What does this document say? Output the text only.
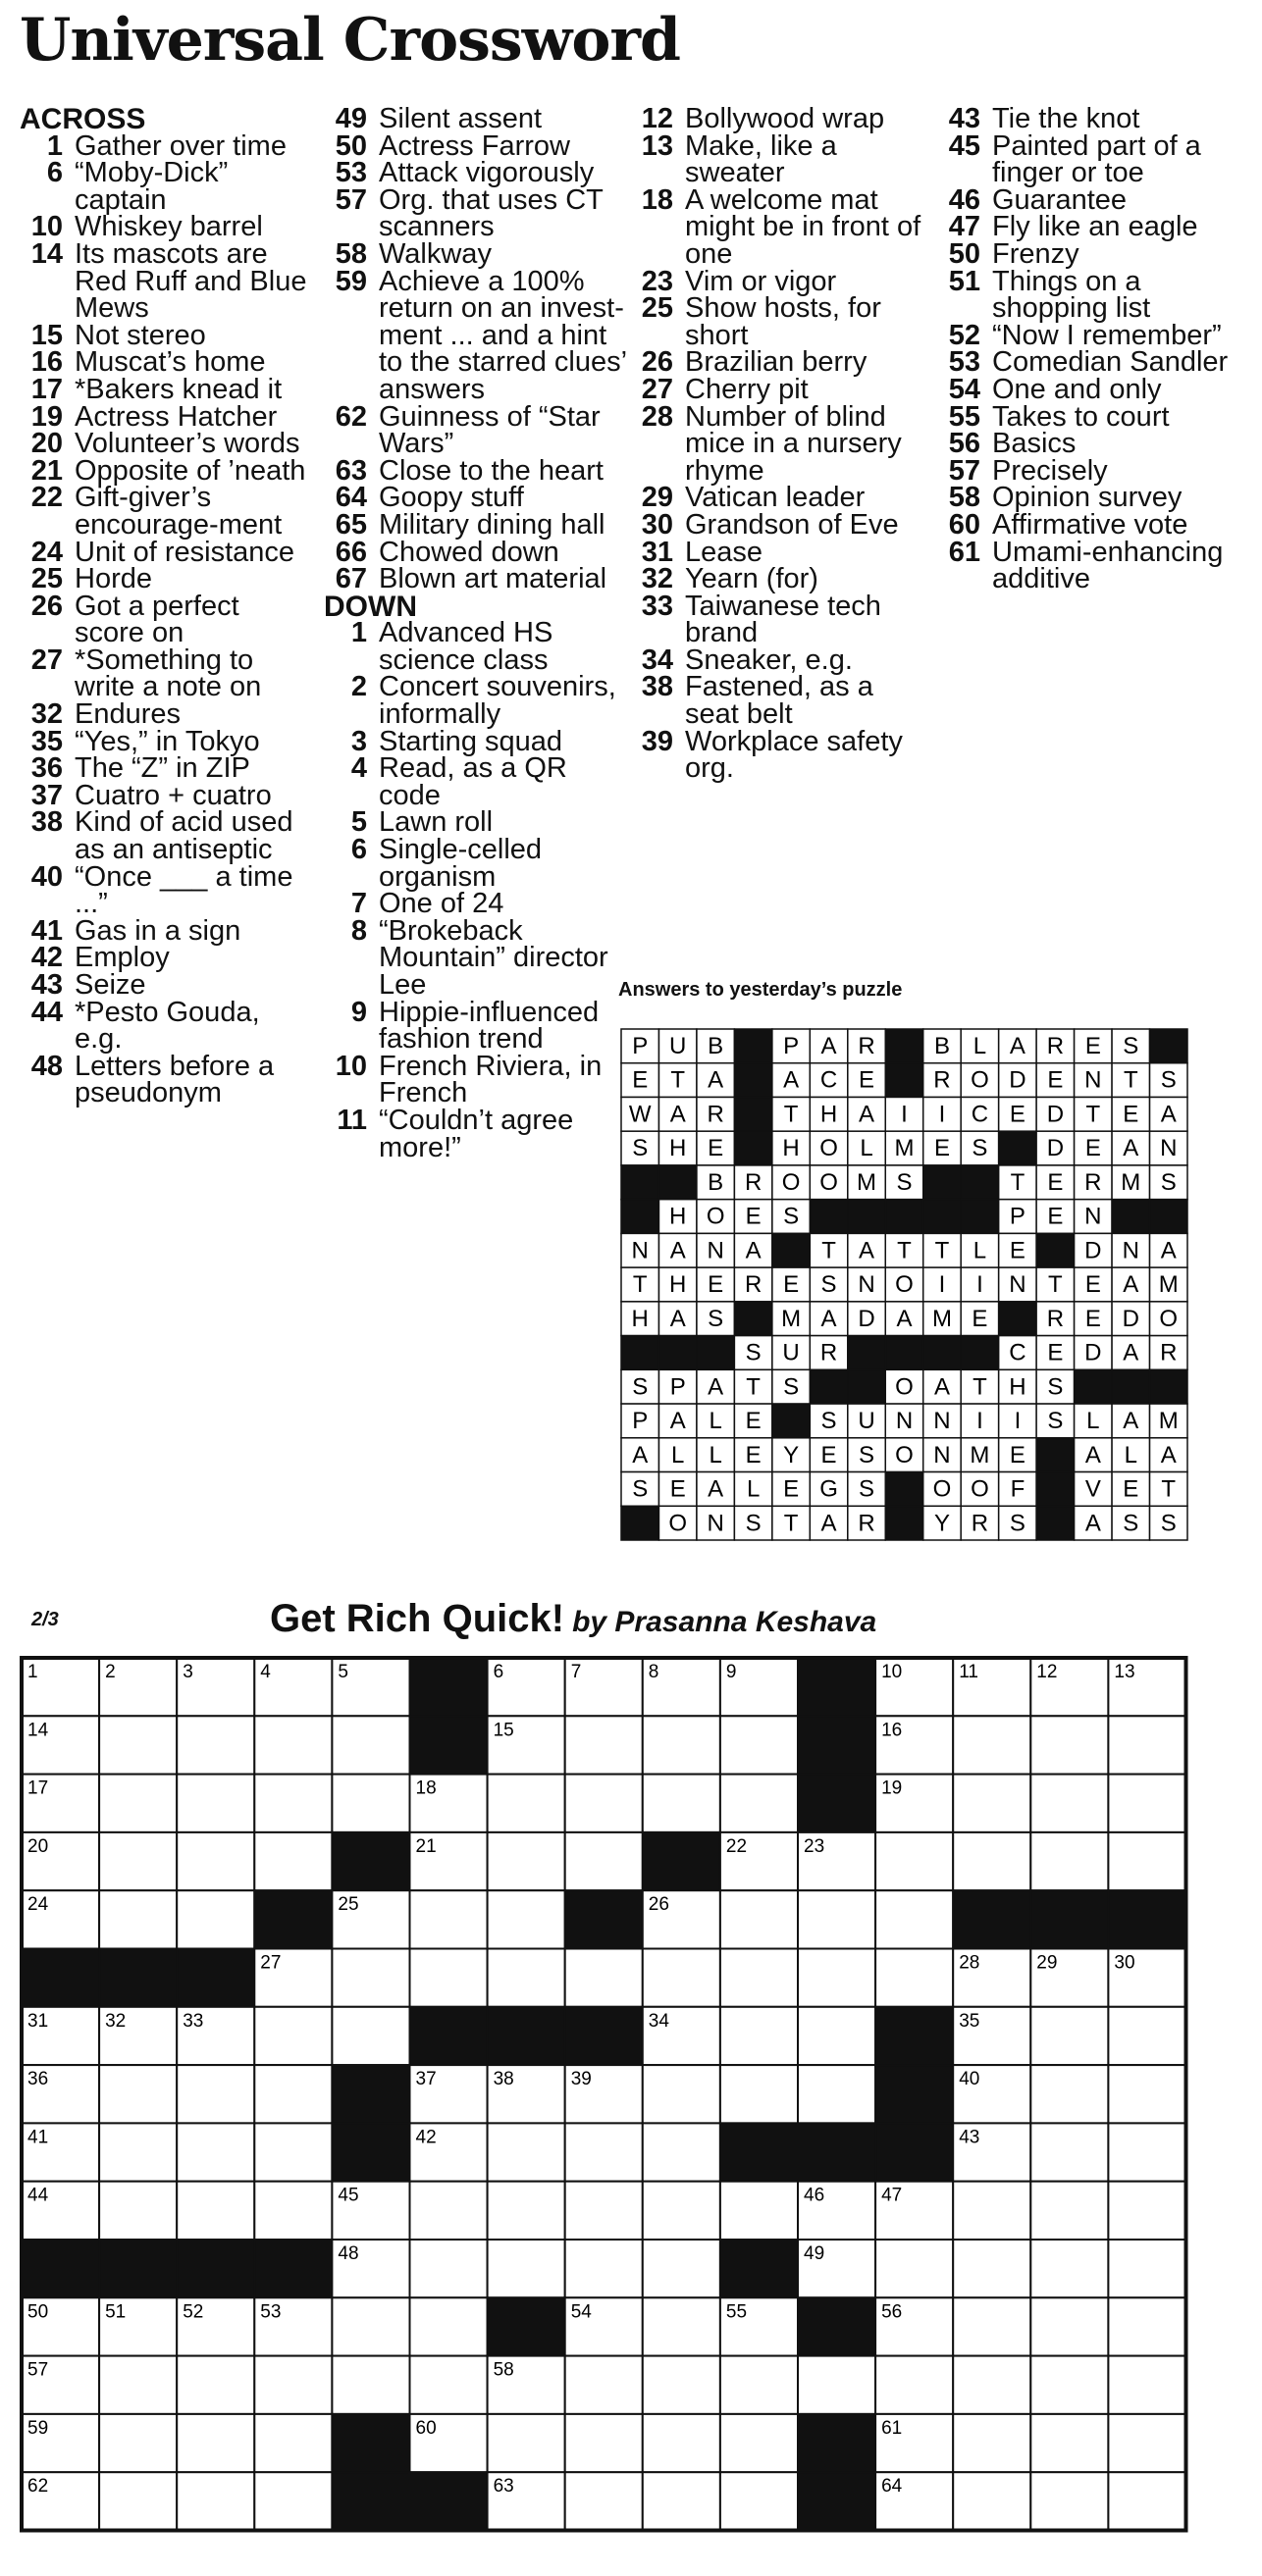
Universal Crossword
ACROSS
1 Gather over time
6 “Moby-Dick” captain
10 Whiskey barrel
14 Its mascots are Red Ruff and Blue Mews
15 Not stereo
16 Muscat’s home
17 *Bakers knead it
19 Actress Hatcher
20 Volunteer’s words
21 Opposite of ’neath
22 Gift-giver’s encourage-ment
24 Unit of resistance
25 Horde
26 Got a perfect score on
27 *Something to write a note on
32 Endures
35 “Yes,” in Tokyo
36 The “Z” in ZIP
37 Cuatro + cuatro
38 Kind of acid used as an antiseptic
40 “Once ___ a time ...”
41 Gas in a sign
42 Employ
43 Seize
44 *Pesto Gouda, e.g.
48 Letters before a pseudonym
49 Silent assent
50 Actress Farrow
53 Attack vigorously
57 Org. that uses CT scanners
58 Walkway
59 Achieve a 100% return on an invest-ment ... and a hint to the starred clues’ answers
62 Guinness of “Star Wars”
63 Close to the heart
64 Goopy stuff
65 Military dining hall
66 Chowed down
67 Blown art material
DOWN
1 Advanced HS science class
2 Concert souvenirs, informally
3 Starting squad
4 Read, as a QR code
5 Lawn roll
6 Single-celled organism
7 One of 24
8 “Brokeback Mountain” director Lee
9 Hippie-influenced fashion trend
10 French Riviera, in French
11 “Couldn’t agree more!”
12 Bollywood wrap
13 Make, like a sweater
18 A welcome mat might be in front of one
23 Vim or vigor
25 Show hosts, for short
26 Brazilian berry
27 Cherry pit
28 Number of blind mice in a nursery rhyme
29 Vatican leader
30 Grandson of Eve
31 Lease
32 Yearn (for)
33 Taiwanese tech brand
34 Sneaker, e.g.
38 Fastened, as a seat belt
39 Workplace safety org.
43 Tie the knot
45 Painted part of a finger or toe
46 Guarantee
47 Fly like an eagle
50 Frenzy
51 Things on a shopping list
52 “Now I remember”
53 Comedian Sandler
54 One and only
55 Takes to court
56 Basics
57 Precisely
58 Opinion survey
60 Affirmative vote
61 Umami-enhancing additive
Answers to yesterday’s puzzle
P U B	P A R	B L A R E S
E T A	A C E	R O D E N T S
W A R	T H A I I C E D T E A
S H E	H O L M E S	D E A N
B R O O M S	T E R M S
H O E S	P E N
N A N A	T A T T L E	D N A
T H E R E S N O I I N T E A M
H A S M A D A M E	R E D O
S U R	C E D A R
S P A T S	O A T H S
P A L E	S U N N I I S L A M
A L L E Y E S O N M E	A L A
S E A L E G S O O F	V E T
O N S T A R	Y R S	A S S
2/3	Get Rich Quick! by Prasanna Keshava
1	2	3	4	5	6	7	8	9	10	11	12	13
14	15	16
17	18	19
20	21	22	23
24	25	26
27	28	29	30
31	32	33	34	35
36	37	38	39	40
41	42	43
44	45	46	47
48	49
50	51	52	53	54	55	56
57	58
59	60	61
62	63	64
